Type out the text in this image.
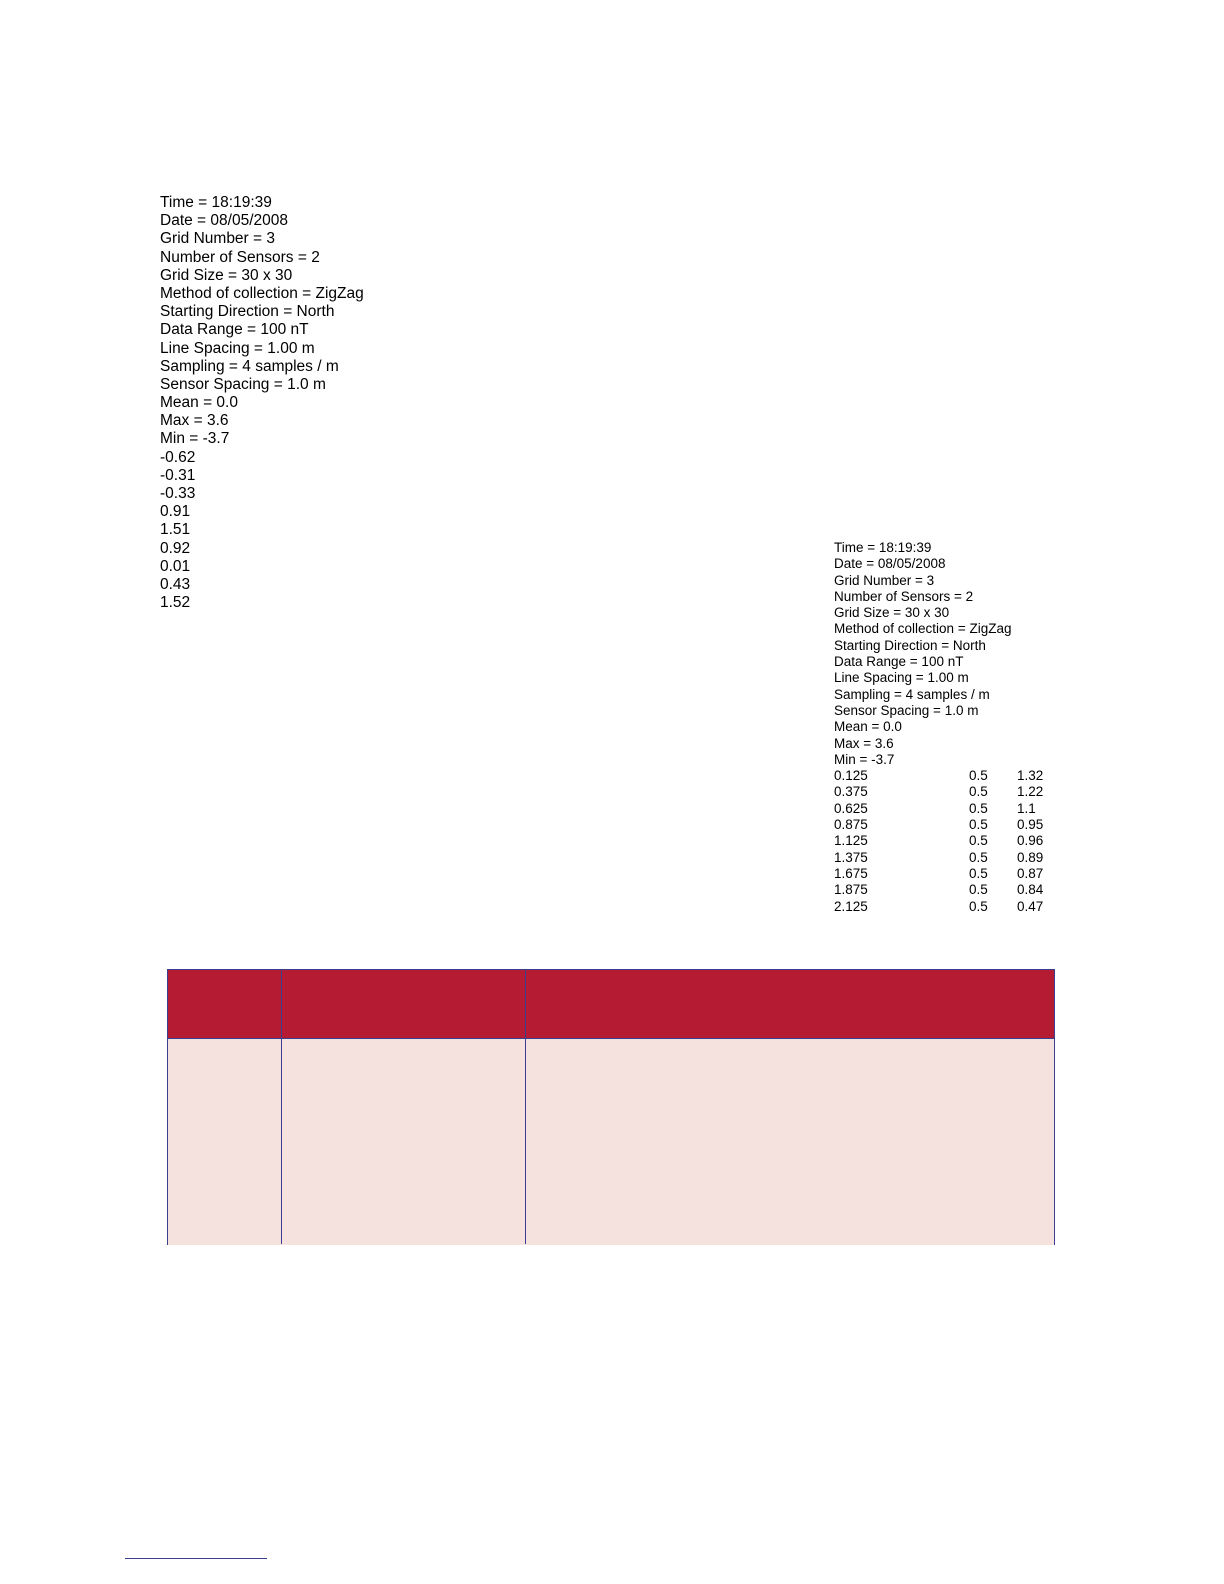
Time = 18:19:39
Date = 08/05/2008
Grid Number = 3
Number of Sensors = 2
Grid Size = 30 x 30
Method of collection = ZigZag
Starting Direction = North
Data Range = 100 nT
Line Spacing = 1.00 m
Sampling = 4 samples / m
Sensor Spacing = 1.0 m
Mean = 0.0
Max = 3.6
Min = -3.7
-0.62
-0.31
-0.33
0.91
1.51
0.92
0.01
0.43
1.52
Time = 18:19:39
Date = 08/05/2008
Grid Number = 3
Number of Sensors = 2
Grid Size = 30 x 30
Method of collection = ZigZag
Starting Direction = North
Data Range = 100 nT
Line Spacing = 1.00 m
Sampling = 4 samples / m
Sensor Spacing = 1.0 m
Mean = 0.0
Max = 3.6
Min = -3.7
0.125	0.5 1.32
0.375	0.5 1.22
0.625	0.5 1.1
0.875	0.5 0.95
1.125	0.5 0.96
1.375	0.5 0.89
1.675	0.5 0.87
1.875	0.5 0.84
2.125	0.5 0.47
